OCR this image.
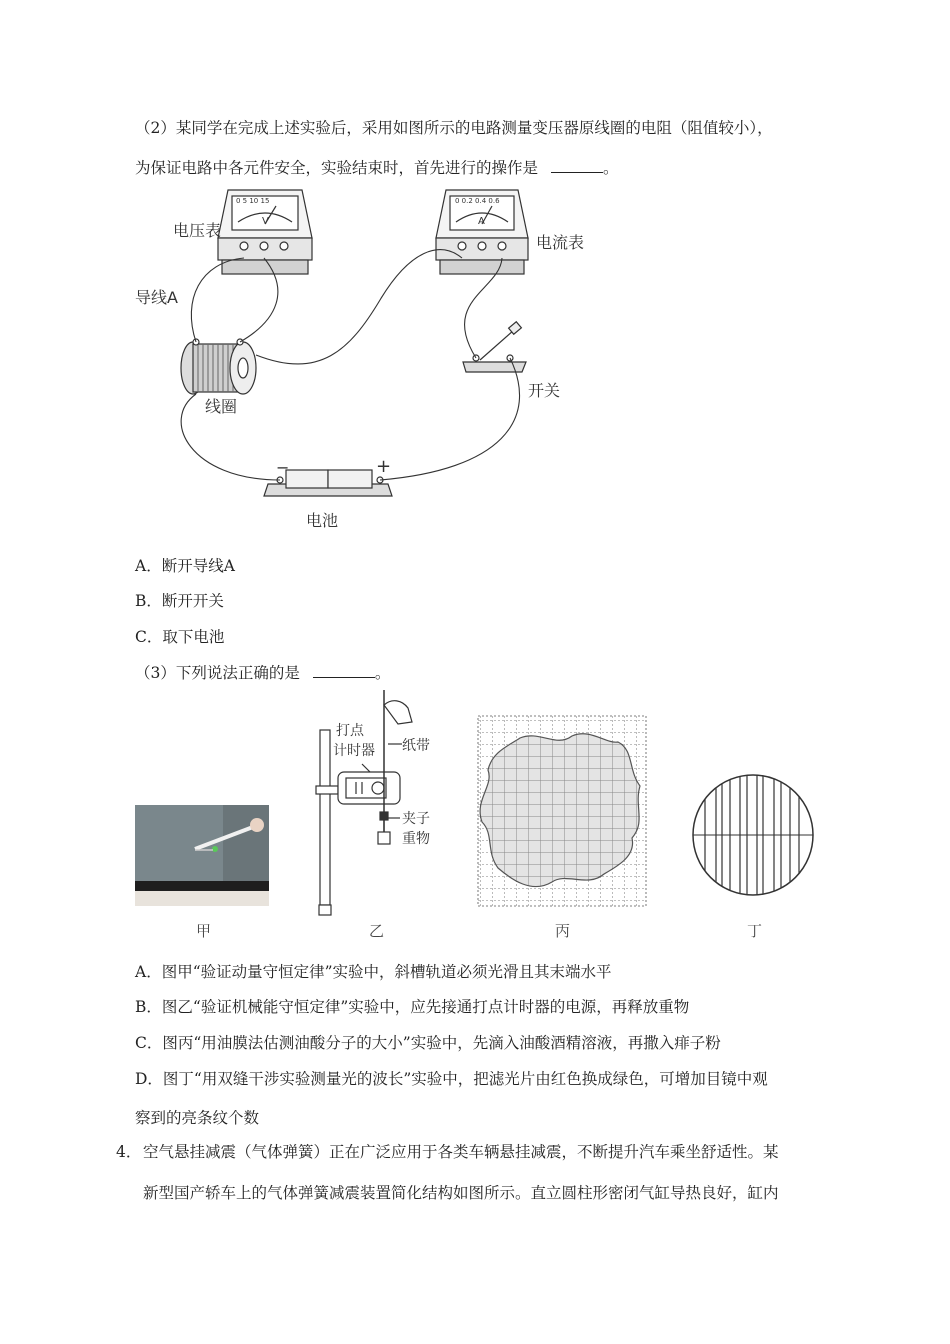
（2）某同学在完成上述实验后，采用如图所示的电路测量变压器原线圈的电阻（阻值较小），
为保证电路中各元件安全，实验结束时，首先进行的操作是	。
电压表
电流表
导线A
线圈
开关
电池
0 5 10 15	0 0.2 0.4 0.6
V	A
−	+
A．断开导线A
B．断开开关
C．取下电池
（3）下列说法正确的是	。
打点
计时器 纸带
夹子
重物
甲	乙	丙	丁
A．图甲“验证动量守恒定律”实验中，斜槽轨道必须光滑且其末端水平
B．图乙“验证机械能守恒定律”实验中，应先接通打点计时器的电源，再释放重物
C．图丙“用油膜法估测油酸分子的大小”实验中，先滴入油酸酒精溶液，再撒入痱子粉
D．图丁“用双缝干涉实验测量光的波长”实验中，把滤光片由红色换成绿色，可增加目镜中观
察到的亮条纹个数
4． 空气悬挂减震（气体弹簧）正在广泛应用于各类车辆悬挂减震，不断提升汽车乘坐舒适性。某
新型国产轿车上的气体弹簧减震装置简化结构如图所示。直立圆柱形密闭气缸导热良好，缸内
